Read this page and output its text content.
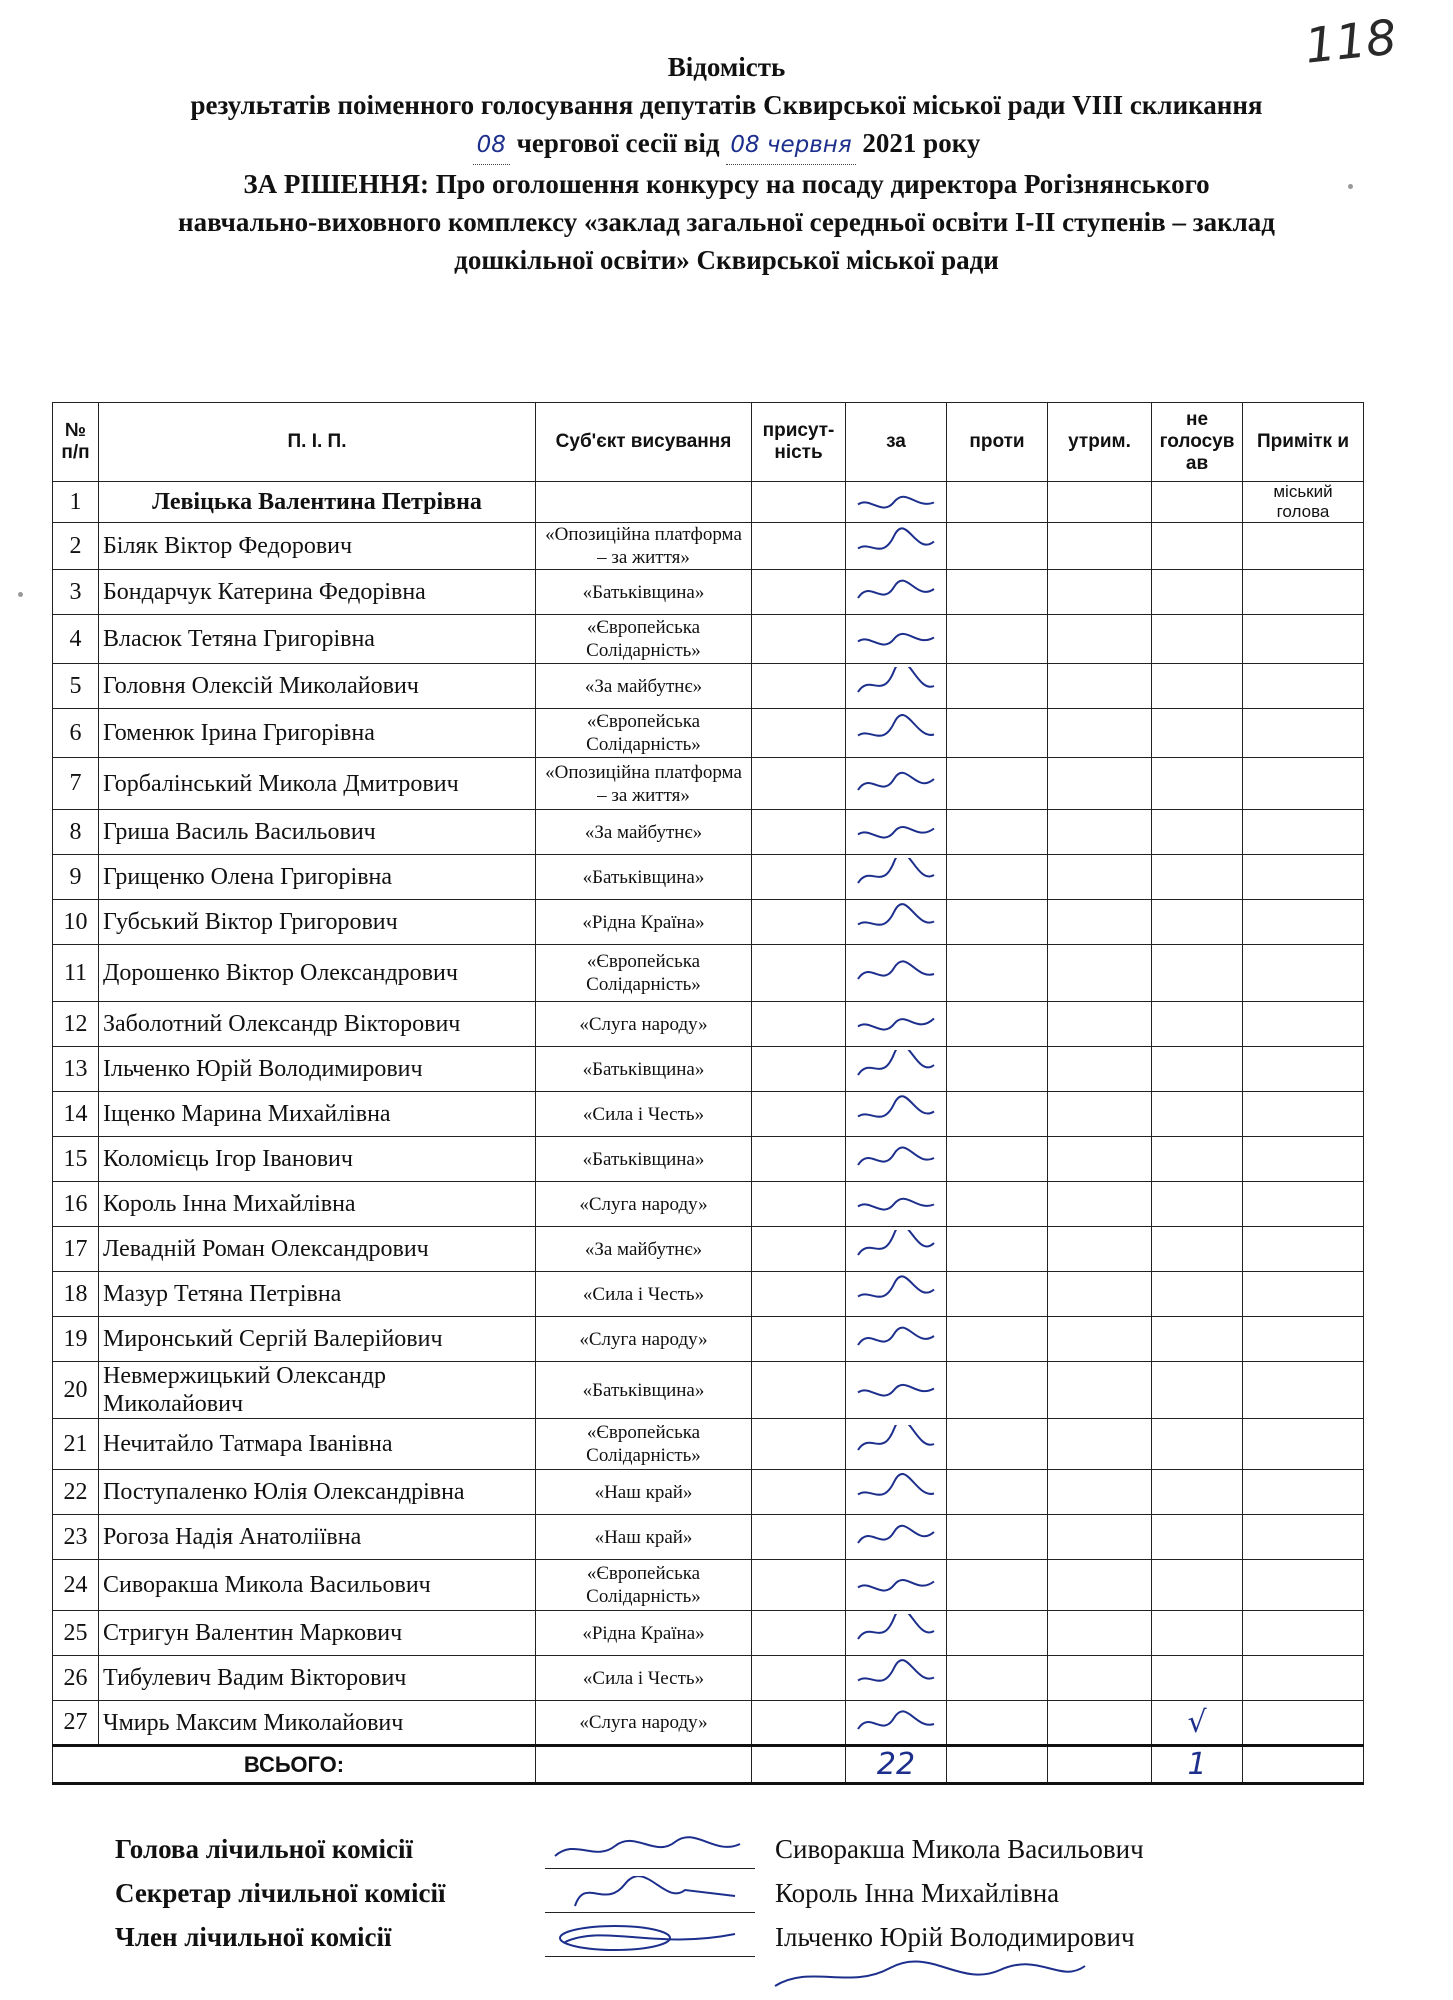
118
Відомість
результатів поіменного голосування депутатів Сквирської міської ради VIII скликання
08 чергової сесії від 08 червня 2021 року
ЗА РІШЕННЯ: Про оголошення конкурсу на посаду директора Рогізнянського
навчально-виховного комплексу «заклад загальної середньої освіти І-ІІ ступенів – заклад
дошкільної освіти» Сквирської міської ради
№ п/п	П. І. П.	Суб'єкт висування	присут-ність	за	проти	утрим.	не голосув ав	Примітк и
1	Левіцька Валентина Петрівна							міський голова
2	Біляк Віктор Федорович	«Опозиційна платформа – за життя»		

3	Бондарчук Катерина Федорівна	«Батьківщина»		

4	Власюк Тетяна Григорівна	«Європейська Солідарність»		

5	Головня Олексій Миколайович	«За майбутнє»		

6	Гоменюк Ірина Григорівна	«Європейська Солідарність»		

7	Горбалінський Микола Дмитрович	«Опозиційна платформа – за життя»		

8	Гриша Василь Васильович	«За майбутнє»		

9	Грищенко Олена Григорівна	«Батьківщина»		

10	Губський Віктор Григорович	«Рідна Країна»		

11	Дорошенко Віктор Олександрович	«Європейська Солідарність»		

12	Заболотний Олександр Вікторович	«Слуга народу»		

13	Ільченко Юрій Володимирович	«Батьківщина»		

14	Іщенко Марина Михайлівна	«Сила і Честь»		

15	Коломієць Ігор Іванович	«Батьківщина»		

16	Король Інна Михайлівна	«Слуга народу»		

17	Левадній Роман Олександрович	«За майбутнє»		

18	Мазур Тетяна Петрівна	«Сила і Честь»		

19	Миронський Сергій Валерійович	«Слуга народу»		

20	Невмержицький Олександр Миколайович	«Батьківщина»		

21	Нечитайло Татмара Іванівна	«Європейська Солідарність»		

22	Поступаленко Юлія Олександрівна	«Наш край»		

23	Рогоза Надія Анатоліївна	«Наш край»		

24	Сиворакша Микола Васильович	«Європейська Солідарність»		

25	Стригун Валентин Маркович	«Рідна Країна»		

26	Тибулевич Вадим Вікторович	«Сила і Честь»		

27	Чмирь Максим Миколайович	«Слуга народу»					√	
ВСЬОГО:				22			1	
Голова лічильної комісії	Сиворакша Микола Васильович
Секретар лічильної комісії	Король Інна Михайлівна
Член лічильної комісії	Ільченко Юрій Володимирович
